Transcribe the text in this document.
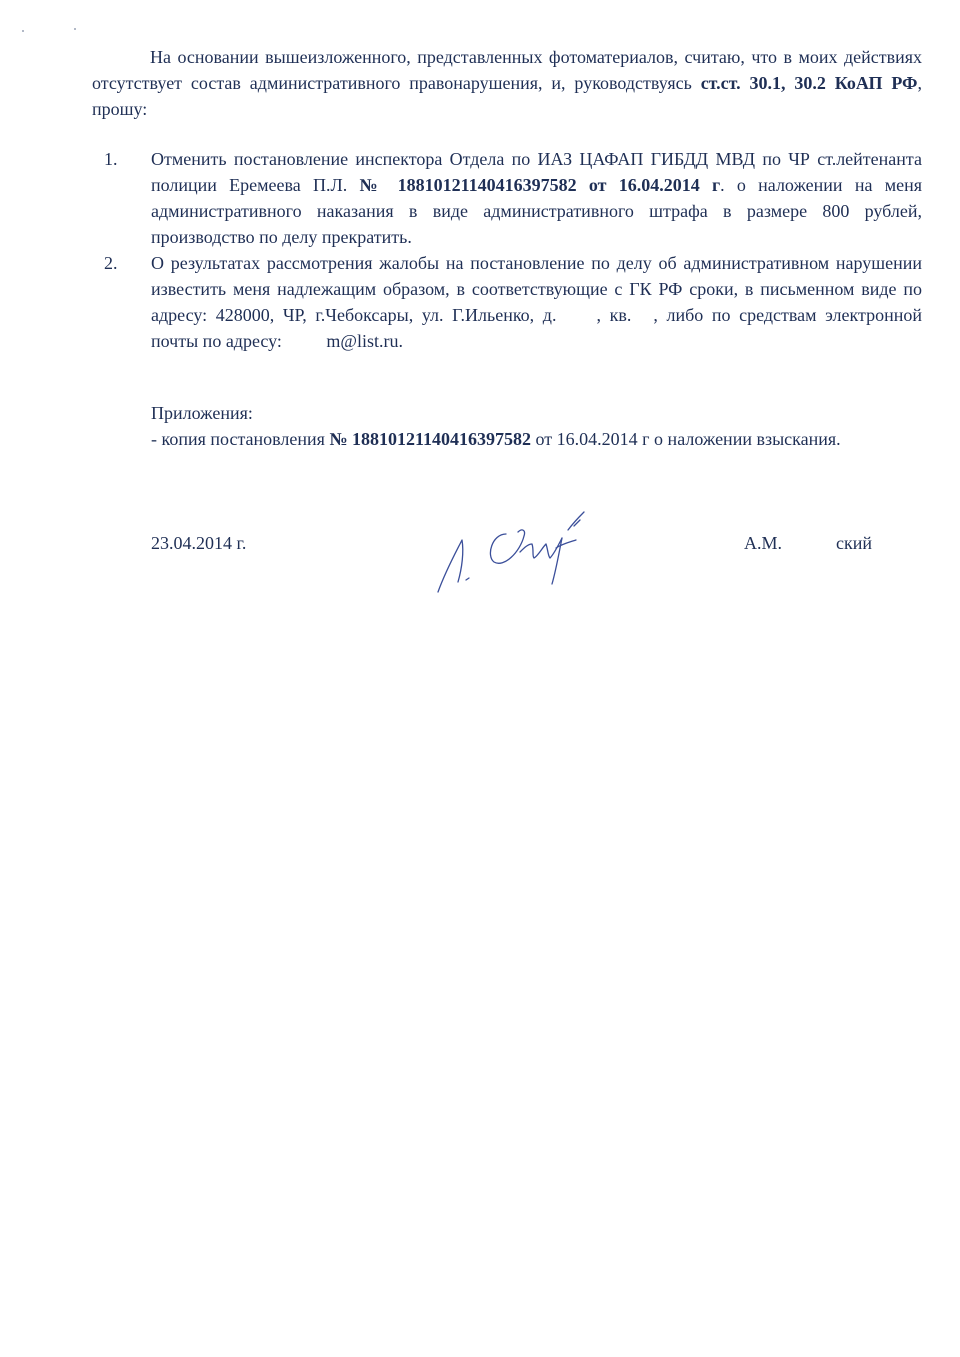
На основании вышеизложенного, представленных фотоматериалов, считаю, что в моих действиях отсутствует состав административного правонарушения, и, руководствуясь ст.ст. 30.1, 30.2 КоАП РФ, прошу:

1. Отменить постановление инспектора Отдела по ИАЗ ЦАФАП ГИБДД МВД по ЧР ст.лейтенанта полиции Еремеева П.Л. № 18810121140416397582 от 16.04.2014 г. о наложении на меня административного наказания в виде административного штрафа в размере 800 рублей, производство по делу прекратить.
2. О результатах рассмотрения жалобы на постановление по делу об административном нарушении известить меня надлежащим образом, в соответствующие с ГК РФ сроки, в письменном виде по адресу: 428000, ЧР, г.Чебоксары, ул. Г.Ильенко, д. , кв. , либо по средствам электронной почты по адресу: m@list.ru.
Приложения:
- копия постановления № 18810121140416397582 от 16.04.2014 г о наложении взыскания.
23.04.2014 г.	А.М.	ский
